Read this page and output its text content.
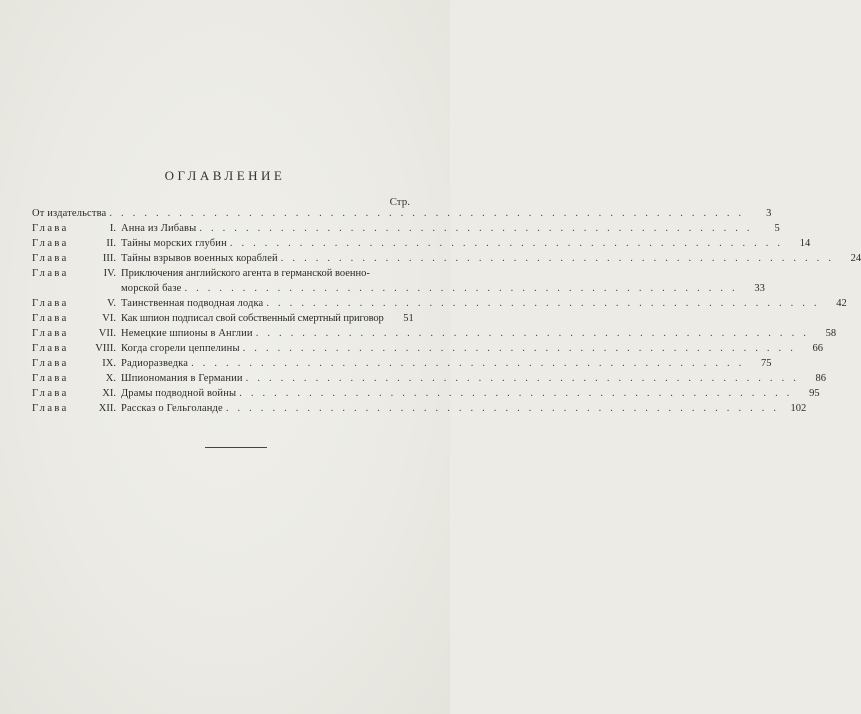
ОГЛАВЛЕНИЕ
Стр.
От издательства . . . . . . . . . . . . . . . . . . . . . . . . . . . . . . . . . . . . . . . . . . . . . . . . . . . . . . .	3
Глава	I. Анна из Либавы . . . . . . . . . . . . . . . . . . . . . . . . . . . . . . . . . . . . . . . . . . . . . . . .	5
Глава	II. Тайны морских глубин . . . . . . . . . . . . . . . . . . . . . . . . . . . . . . . . . . . . . . . . . . . . . . . .	14
Глава	III. Тайны взрывов военных кораблей . . . . . . . . . . . . . . . . . . . . . . . . . . . . . . . . . . . . . . . . . . . . . . . .	24
Глава	IV. Приключения английского агента в германской военно-
морской базе . . . . . . . . . . . . . . . . . . . . . . . . . . . . . . . . . . . . . . . . . . . . . . . .	33
Глава	V. Таинственная подводная лодка . . . . . . . . . . . . . . . . . . . . . . . . . . . . . . . . . . . . . . . . . . . . . . . .	42
Глава	VI. Как шпион подписал свой собственный смертный приговор	51
Глава	VII. Немецкие шпионы в Англии . . . . . . . . . . . . . . . . . . . . . . . . . . . . . . . . . . . . . . . . . . . . . . . .	58
Глава	VIII. Когда сгорели цеппелины . . . . . . . . . . . . . . . . . . . . . . . . . . . . . . . . . . . . . . . . . . . . . . . .	66
Глава	IX. Радиоразведка . . . . . . . . . . . . . . . . . . . . . . . . . . . . . . . . . . . . . . . . . . . . . . . .	75
Глава	X. Шпиономания в Германии . . . . . . . . . . . . . . . . . . . . . . . . . . . . . . . . . . . . . . . . . . . . . . . .	86
Глава	XI. Драмы подводной войны . . . . . . . . . . . . . . . . . . . . . . . . . . . . . . . . . . . . . . . . . . . . . . . .	95
Глава	XII. Рассказ о Гельголанде . . . . . . . . . . . . . . . . . . . . . . . . . . . . . . . . . . . . . . . . . . . . . . . .	102
